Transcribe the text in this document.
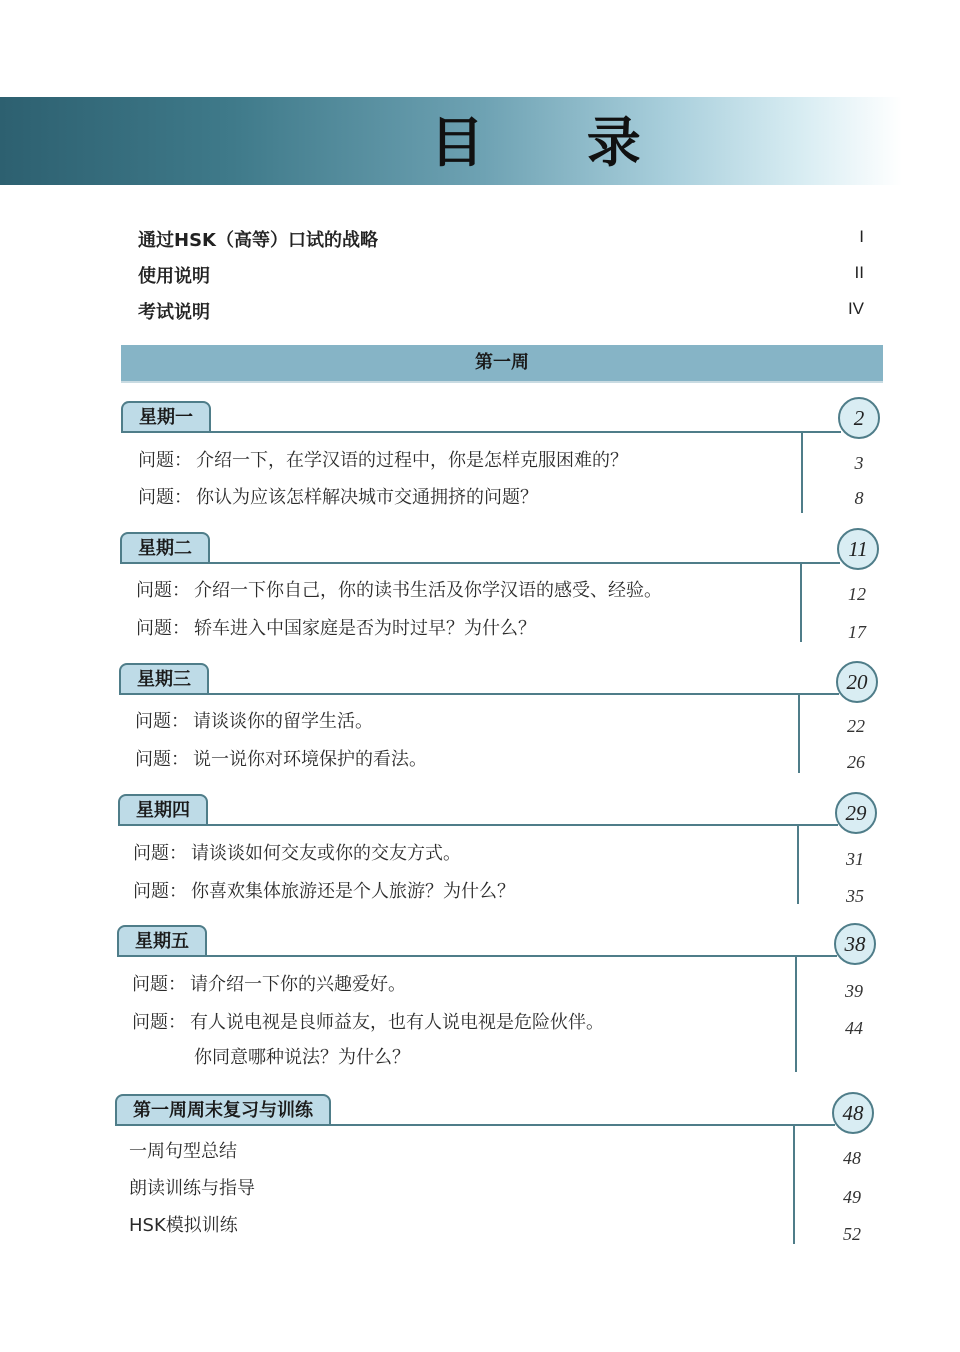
目 录
通过HSK（高等）口试的战略	I
使用说明	II
考试说明	IV
第一周
星期一	2
问题： 介绍一下，在学汉语的过程中，你是怎样克服困难的？	3
问题： 你认为应该怎样解决城市交通拥挤的问题？	8
星期二	11
问题： 介绍一下你自己，你的读书生活及你学汉语的感受、经验。	12
问题： 轿车进入中国家庭是否为时过早？为什么？	17
星期三	20
问题： 请谈谈你的留学生活。	22
问题： 说一说你对环境保护的看法。	26
星期四	29
问题： 请谈谈如何交友或你的交友方式。	31
问题： 你喜欢集体旅游还是个人旅游？为什么？	35
星期五	38
问题： 请介绍一下你的兴趣爱好。	39
问题： 有人说电视是良师益友，也有人说电视是危险伙伴。
你同意哪种说法？为什么？
44
第一周周末复习与训练	48
一周句型总结	48
朗读训练与指导	49
HSK模拟训练	52
